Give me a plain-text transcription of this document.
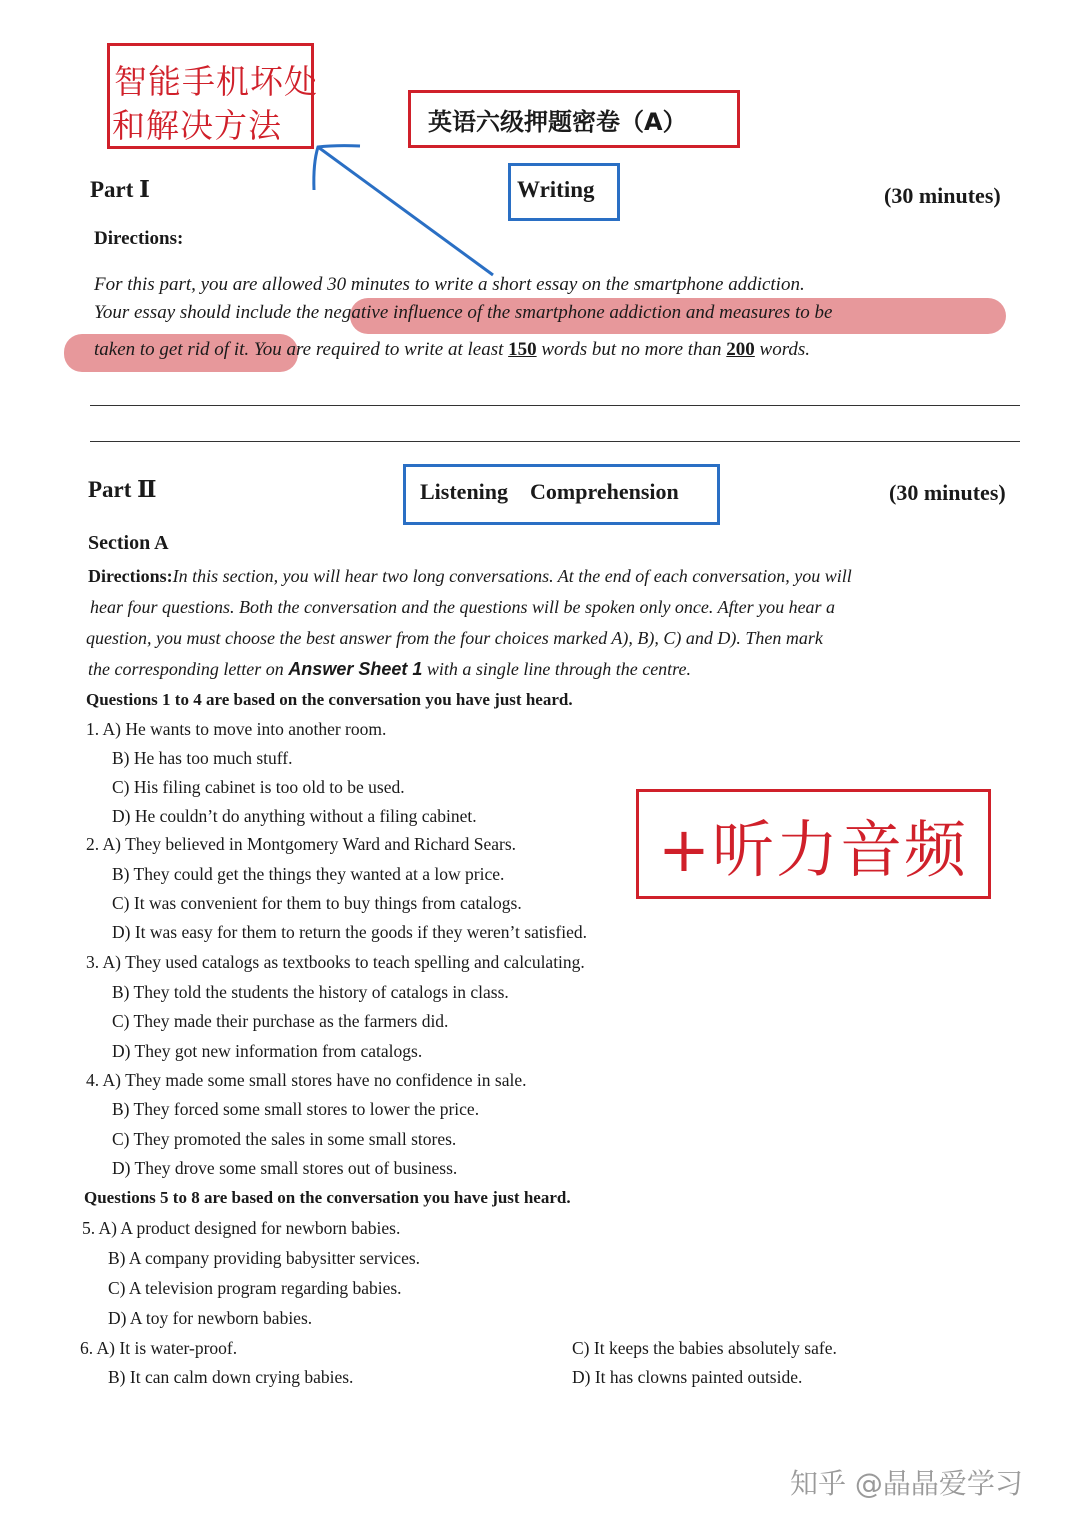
智能手机坏处
和解决方法	英语六级押题密卷（A）
Part Ⅰ	Writing	(30 minutes)
Directions:
For this part, you are allowed 30 minutes to write a short essay on the smartphone addiction.
Your essay should include the negative influence of the smartphone addiction and measures to be
taken to get rid of it. You are required to write at least 150 words but no more than 200 words.
Part Ⅱ	Listening    Comprehension	(30 minutes)
Section A
Directions:In this section, you will hear two long conversations. At the end of each conversation, you will
hear four questions. Both the conversation and the questions will be spoken only once. After you hear a
question, you must choose the best answer from the four choices marked A), B), C) and D). Then mark
the corresponding letter on Answer Sheet 1 with a single line through the centre.
Questions 1 to 4 are based on the conversation you have just heard.
1. A) He wants to move into another room.
B) He has too much stuff.
C) His filing cabinet is too old to be used.
D) He couldn’t do anything without a filing cabinet.
2. A) They believed in Montgomery Ward and Richard Sears.
B) They could get the things they wanted at a low price.
C) It was convenient for them to buy things from catalogs.
D) It was easy for them to return the goods if they weren’t satisfied.
3. A) They used catalogs as textbooks to teach spelling and calculating.
B) They told the students the history of catalogs in class.
C) They made their purchase as the farmers did.
D) They got new information from catalogs.
4. A) They made some small stores have no confidence in sale.
B) They forced some small stores to lower the price.
C) They promoted the sales in some small stores.
D) They drove some small stores out of business.
Questions 5 to 8 are based on the conversation you have just heard.
5. A) A product designed for newborn babies.
B) A company providing babysitter services.
C) A television program regarding babies.
D) A toy for newborn babies.
6. A) It is water-proof.
B) It can calm down crying babies.
C) It keeps the babies absolutely safe.
D) It has clowns painted outside.
+听力音频
知乎 @晶晶爱学习
